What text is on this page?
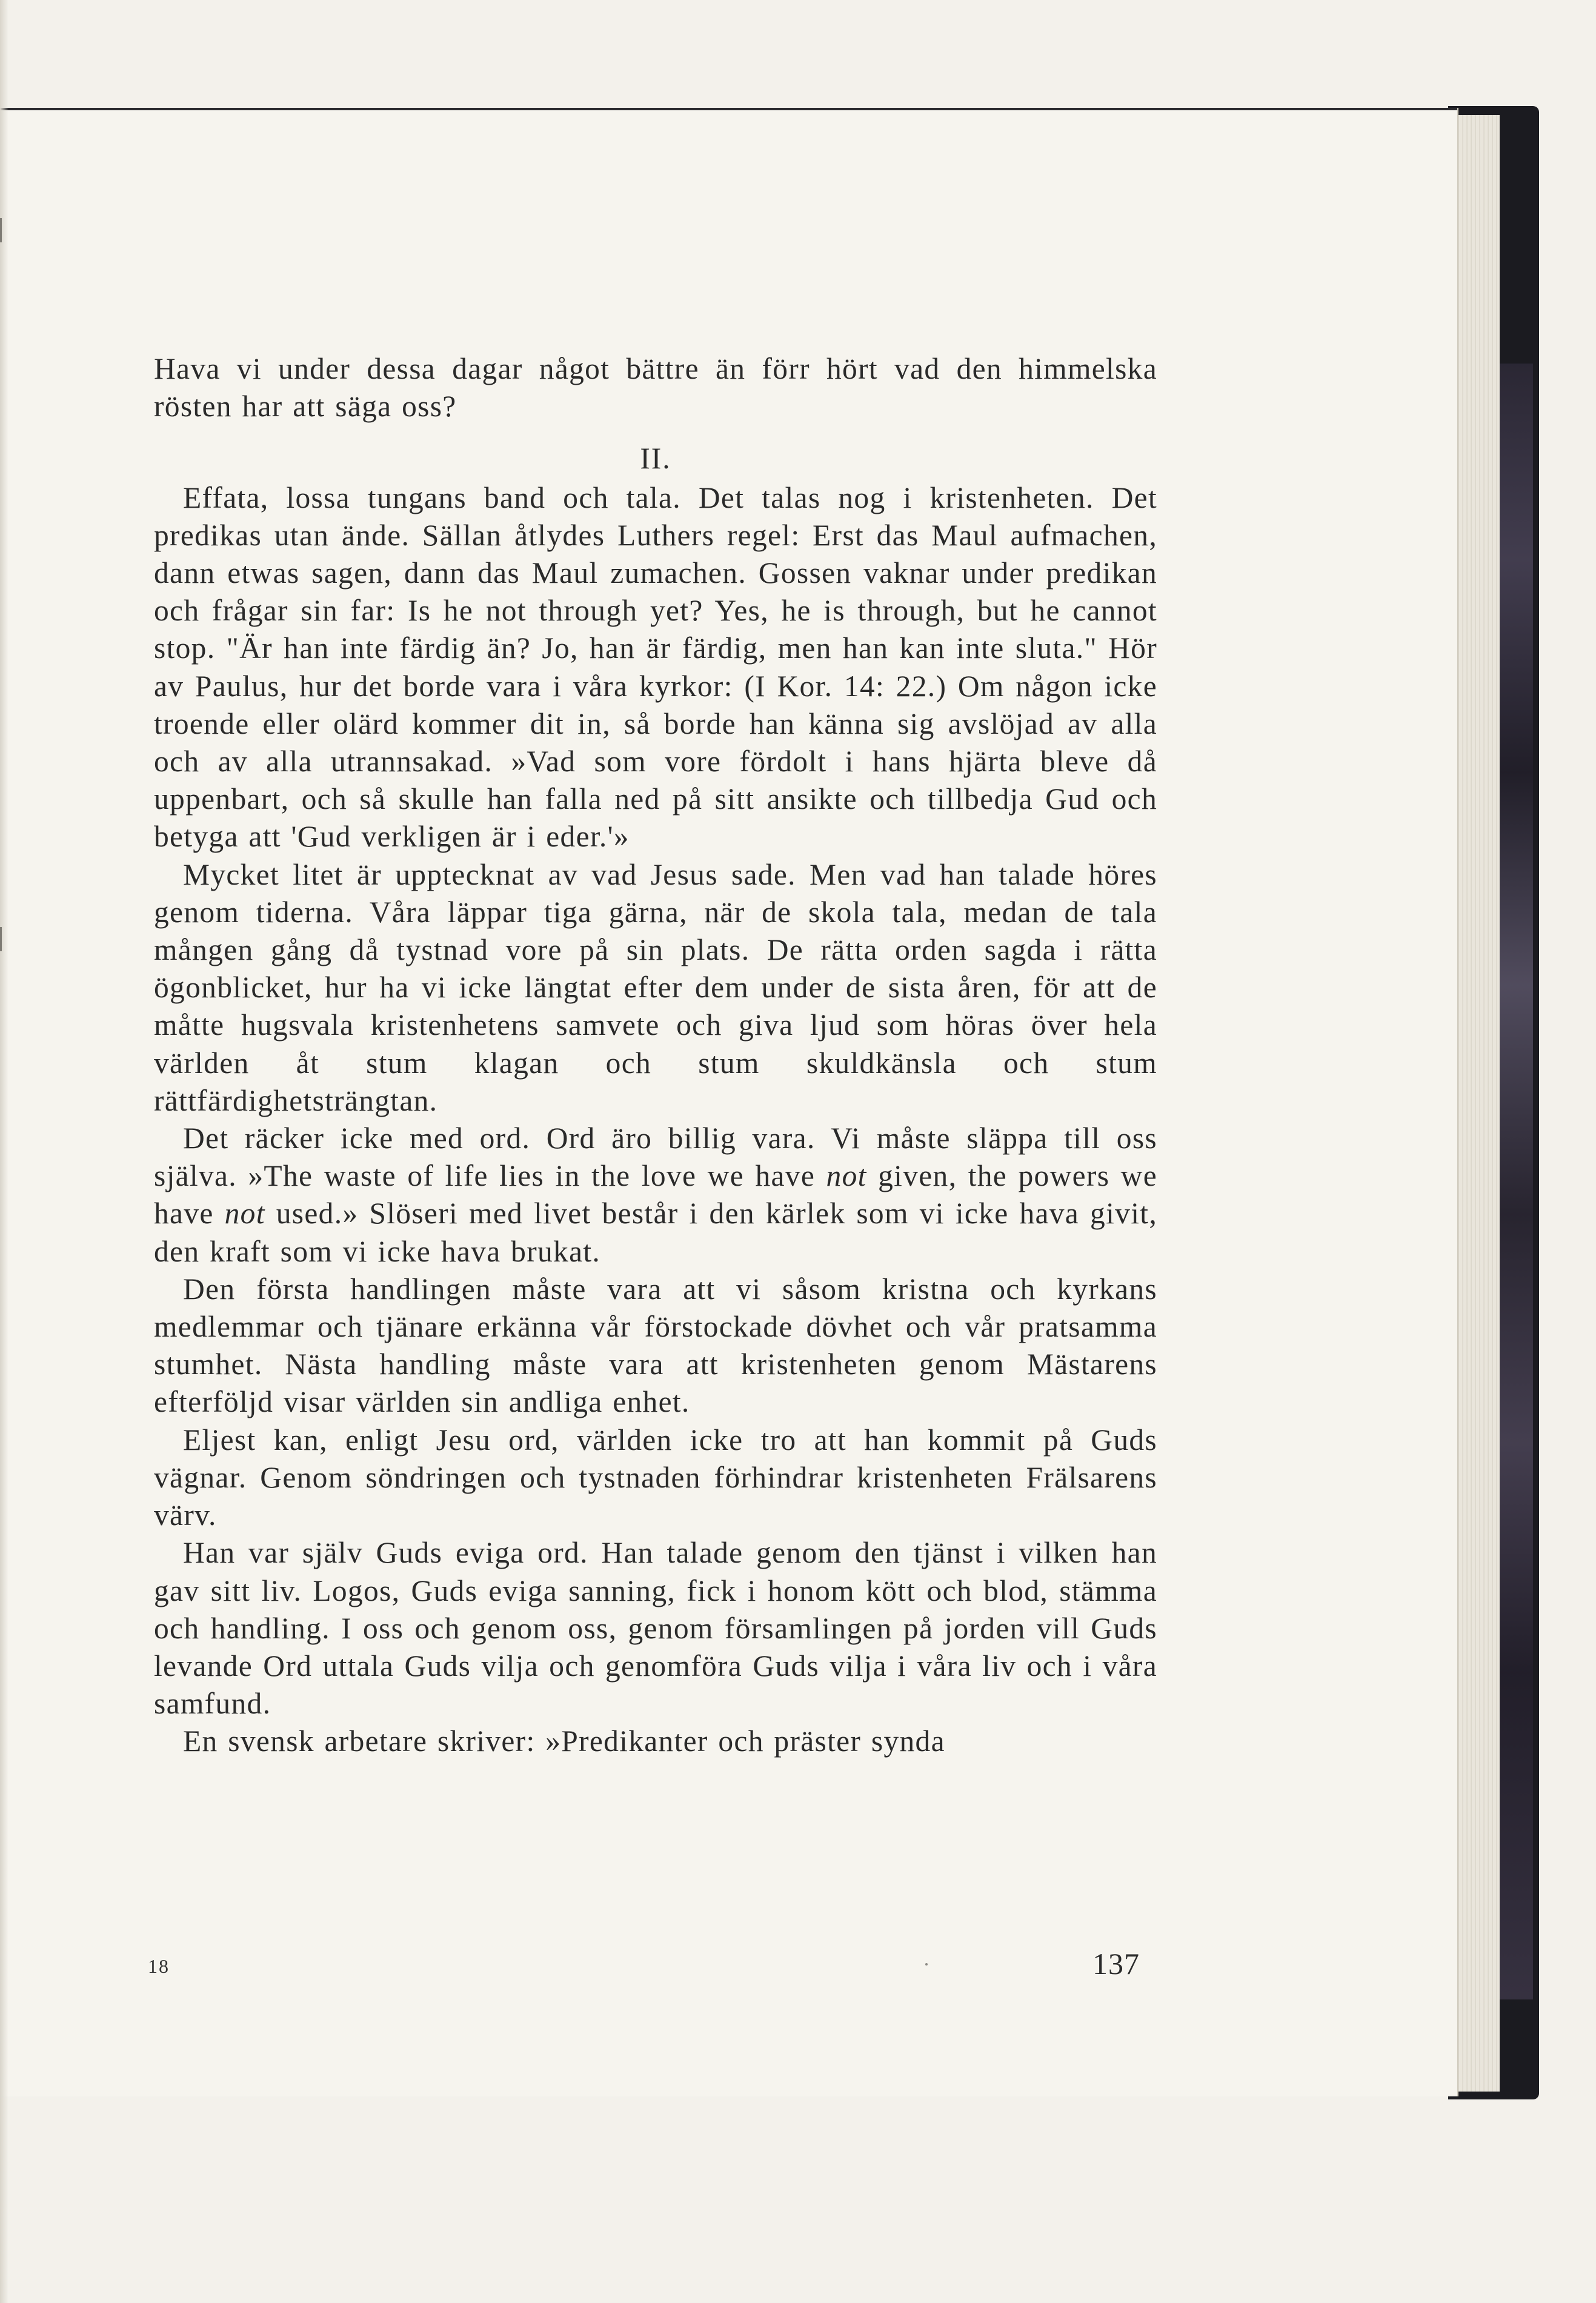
Hava vi under dessa dagar något bättre än förr hört vad den himmelska rösten har att säga oss?

II.

Effata, lossa tungans band och tala. Det talas nog i kristenheten. Det predikas utan ände. Sällan åtlydes Luthers regel: Erst das Maul aufmachen, dann etwas sagen, dann das Maul zumachen. Gossen vaknar under predikan och frågar sin far: Is he not through yet? Yes, he is through, but he cannot stop. "Är han inte färdig än? Jo, han är färdig, men han kan inte sluta." Hör av Paulus, hur det borde vara i våra kyrkor: (I Kor. 14: 22.) Om någon icke troende eller olärd kommer dit in, så borde han känna sig avslöjad av alla och av alla utrannsakad. »Vad som vore fördolt i hans hjärta bleve då uppenbart, och så skulle han falla ned på sitt ansikte och tillbedja Gud och betyga att 'Gud verkligen är i eder.'»

Mycket litet är upptecknat av vad Jesus sade. Men vad han talade höres genom tiderna. Våra läppar tiga gärna, när de skola tala, medan de tala mången gång då tystnad vore på sin plats. De rätta orden sagda i rätta ögonblicket, hur ha vi icke längtat efter dem under de sista åren, för att de måtte hugsvala kristenhetens samvete och giva ljud som höras över hela världen åt stum klagan och stum skuldkänsla och stum rättfärdighetsträngtan.

Det räcker icke med ord. Ord äro billig vara. Vi måste släppa till oss själva. »The waste of life lies in the love we have not given, the powers we have not used.» Slöseri med livet består i den kärlek som vi icke hava givit, den kraft som vi icke hava brukat.

Den första handlingen måste vara att vi såsom kristna och kyrkans medlemmar och tjänare erkänna vår förstockade dövhet och vår pratsamma stumhet. Nästa handling måste vara att kristenheten genom Mästarens efterföljd visar världen sin andliga enhet.

Eljest kan, enligt Jesu ord, världen icke tro att han kommit på Guds vägnar. Genom söndringen och tystnaden förhindrar kristenheten Frälsarens värv.

Han var själv Guds eviga ord. Han talade genom den tjänst i vilken han gav sitt liv. Logos, Guds eviga sanning, fick i honom kött och blod, stämma och handling. I oss och genom oss, genom församlingen på jorden vill Guds levande Ord uttala Guds vilja och genomföra Guds vilja i våra liv och i våra samfund.

En svensk arbetare skriver: »Predikanter och präster synda

18	137
